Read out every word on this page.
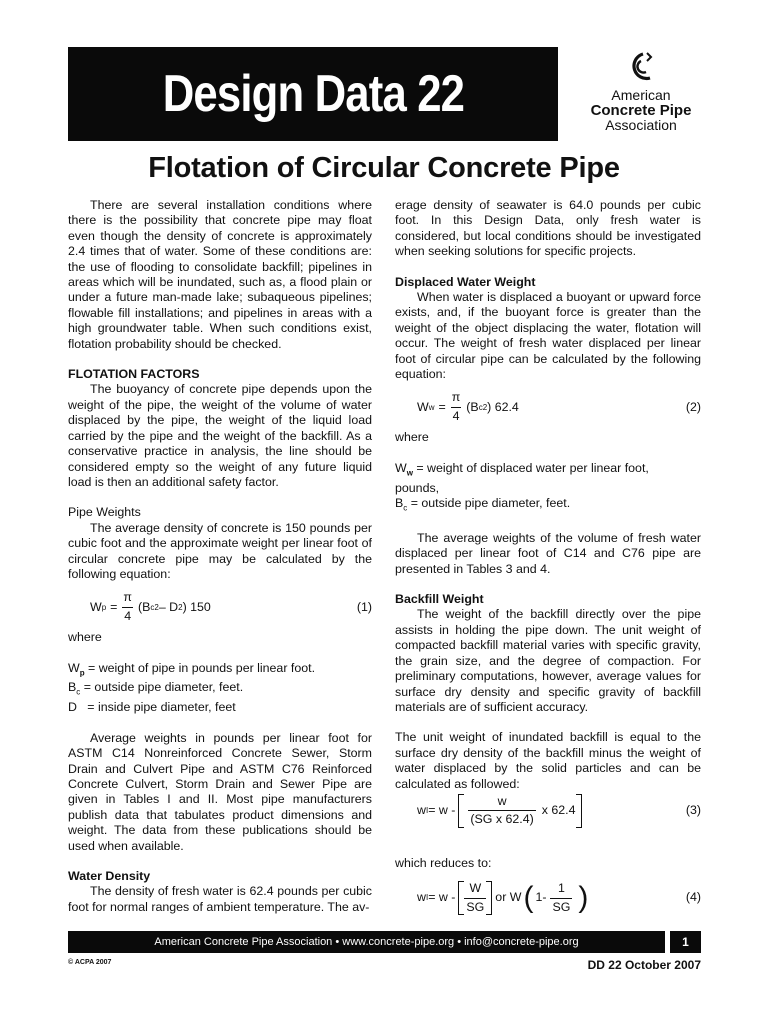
Design Data 22	American
Concrete Pipe
Association
Flotation of Circular Concrete Pipe

There are several installation conditions where there is the possibility that concrete pipe may float even though the density of concrete is approximately 2.4 times that of water. Some of these conditions are: the use of flooding to consolidate backfill; pipelines in areas which will be inundated, such as, a flood plain or under a future man-made lake; subaqueous pipelines; flowable fill installations; and pipelines in areas with a high groundwater table. When such conditions exist, flotation probability should be checked.

FLOTATION FACTORS

The buoyancy of concrete pipe depends upon the weight of the pipe, the weight of the volume of water displaced by the pipe, the weight of the liquid load carried by the pipe and the weight of the backfill. As a conservative practice in analysis, the line should be considered empty so the weight of any future liquid load is then an additional safety factor.

Pipe Weights

The average density of concrete is 150 pounds per cubic foot and the approximate weight per linear foot of circular concrete pipe may be calculated by the following equation:

W $p = \frac{\pi}{4} (B$ c 2 – D 2 ) 150	(1)

where

$W_p$ = weight of pipe in pounds per linear foot.

$B_c$ = outside pipe diameter, feet.

D   = inside pipe diameter, feet

Average weights in pounds per linear foot for ASTM C14 Nonreinforced Concrete Sewer, Storm Drain and Culvert Pipe and ASTM C76 Reinforced Concrete Culvert, Storm Drain and Sewer Pipe are given in Tables I and II. Most pipe manufacturers publish data that tabulates product dimensions and weight. The data from these publications should be used when available.

Water Density

The density of fresh water is 62.4 pounds per cubic foot for normal ranges of ambient temperature. The av-

erage density of seawater is 64.0 pounds per cubic foot. In this Design Data, only fresh water is considered, but local conditions should be investigated when seeking solutions for specific projects.

Displaced Water Weight

When water is displaced a buoyant or upward force exists, and, if the buoyant force is greater than the weight of the object displacing the water, flotation will occur. The weight of fresh water displaced per linear foot of circular pipe can be calculated by the following equation:

W $w = \frac{\pi}{4} (B$ c 2 ) 62.4	(2)

where

$W_w$ = weight of displaced water per linear foot,

pounds,

$B_c$ = outside pipe diameter, feet.

The average weights of the volume of fresh water displaced per linear foot of C14 and C76 pipe are presented in Tables 3 and 4.

Backfill Weight

The weight of the backfill directly over the pipe assists in holding the pipe down. The unit weight of compacted backfill material varies with specific gravity, the grain size, and the degree of compaction. For preliminary computations, however, average values for surface dry density and specific gravity of backfill materials are of sufficient accuracy.

The unit weight of inundated backfill is equal to the surface dry density of the backfill minus the weight of water displaced by the solid particles and can be calculated as followed:

w $I = w - \frac{w}{\text{(SG x 62.4)}}$ x 62.4	(3)

which reduces to:

w $I = w - \frac{W}{SG}$ or W ( $1- \frac{1}{SG}$ )	(4)
American Concrete Pipe Association • www.concrete-pipe.org • info@concrete-pipe.org	1
© ACPA 2007	DD 22 October 2007
